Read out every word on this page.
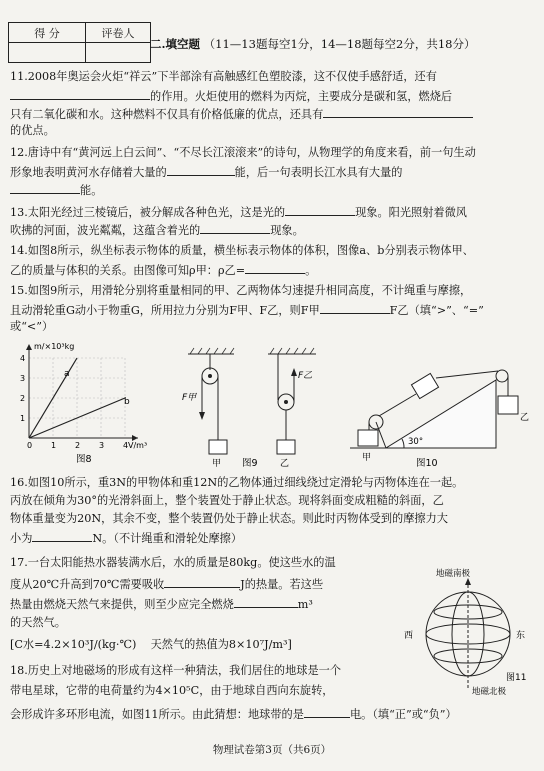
得 分	评卷人

二.填空题 （11—13题每空1分，14—18题每空2分，共18分）
11.2008年奥运会火炬“祥云”下半部涂有高触感红色塑胶漆，这不仅使手感舒适，还有
的作用。火炬使用的燃料为丙烷，主要成分是碳和氢，燃烧后
只有二氧化碳和水。这种燃料不仅具有价格低廉的优点，还具有
的优点。
12.唐诗中有“黄河远上白云间”、“不尽长江滚滚来”的诗句，从物理学的角度来看，前一句生动
形象地表明黄河水存储着大量的	能，后一句表明长江水具有大量的
能。
13.太阳光经过三棱镜后，被分解成各种色光，这是光的	现象。阳光照射着微风
吹拂的河面，波光粼粼，这蕴含着光的	现象。
14.如图8所示，纵坐标表示物体的质量，横坐标表示物体的体积，图像a、b分别表示物体甲、
乙的质量与体积的关系。由图像可知ρ甲：ρ乙=	。
15.如图9所示，用滑轮分别将重量相同的甲、乙两物体匀速提升相同高度，不计绳重与摩擦，
且动滑轮重G动小于物重G，所用拉力分别为F甲、F乙，则F甲	F乙（填“>”、“=”
或“<”）
1
2
3
4
0 1 2 3 4
m/×10³kg
V/m³
a
b
图8
F甲
F乙
甲	乙
图9
30°
甲
乙
图10
16.如图10所示，重3N的甲物体和重12N的乙物体通过细线绕过定滑轮与丙物体连在一起。
丙放在倾角为30°的光滑斜面上，整个装置处于静止状态。现将斜面变成粗糙的斜面，乙
物体重量变为20N，其余不变，整个装置仍处于静止状态。则此时丙物体受到的摩擦力大
小为	N。（不计绳重和滑轮处摩擦）
17.一台太阳能热水器装满水后，水的质量是80kg。使这些水的温
度从20℃升高到70℃需要吸收	J的热量。若这些
热量由燃烧天然气来提供，则至少应完全燃烧	m³
的天然气。
[C水=4.2×10³J/(kg·℃) 天然气的热值为8×10⁷J/m³]
地磁南极
西	东
地磁北极
图11
18.历史上对地磁场的形成有这样一种猜法，我们居住的地球是一个
带电星球，它带的电荷量约为4×10⁵C，由于地球自西向东旋转，
会形成许多环形电流，如图11所示。由此猜想：地球带的是	电。（填“正”或“负”）
物理试卷第3页（共6页）
